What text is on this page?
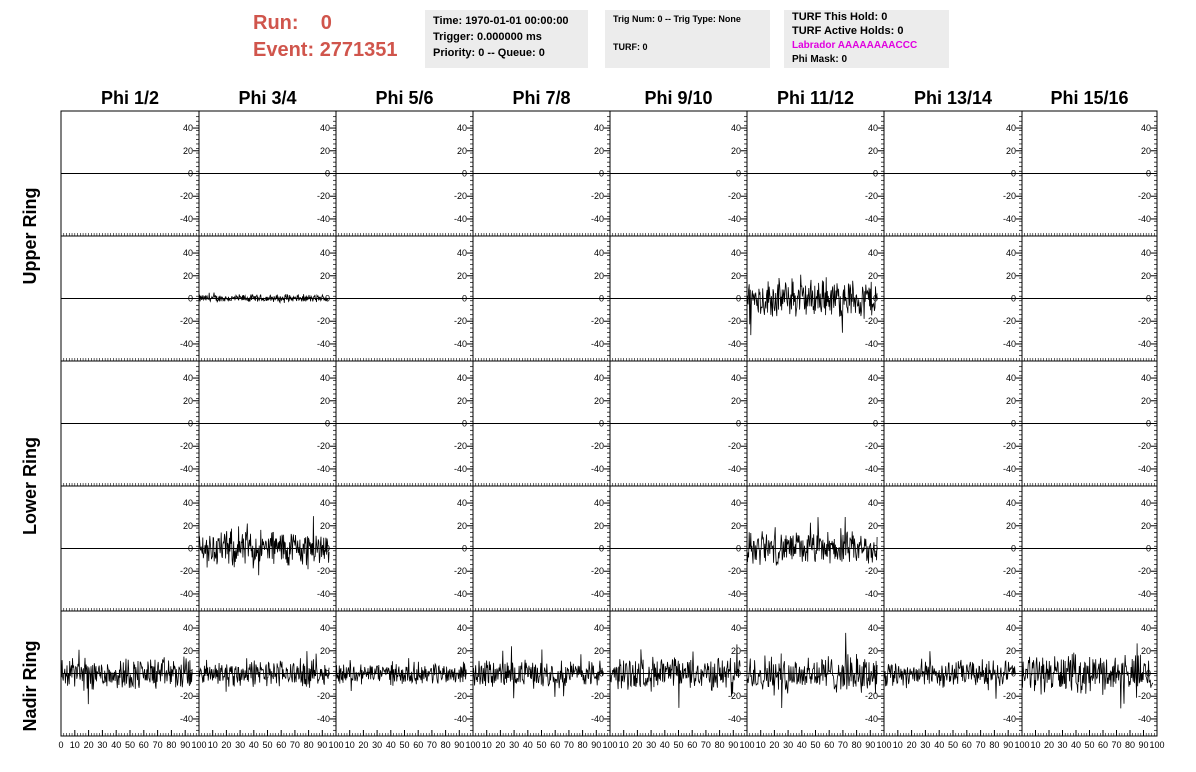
Run: 0
Event: 2771351
Time: 1970-01-01 00:00:00
Trigger: 0.000000 ms
Priority: 0 -- Queue: 0
Trig Num: 0 -- Trig Type: None
TURF: 0
TURF This Hold: 0
TURF Active Holds: 0
Labrador AAAAAAAACCC
Phi Mask: 0
Phi 1/2	Phi 3/4	Phi 5/6	Phi 7/8	Phi 9/10	Phi 11/12	Phi 13/14	Phi 15/16
Upper Ring
Lower Ring
Nadir Ring
40
20
0
-20
-40
40
20
0
-20
-40
40
20
0
-20
-40
40
20
0
-20
-40
40
20
0
-20
-40
40
20
0
-20
-40
40
20
0
-20
-40
40
20
0
-20
-40
40
20
0
-20
-40
40
20
0
-20
-40
40
20
0
-20
-40
40
20
0
-20
-40
40
20
0
-20
-40
40
20
0
-20
-40
40
20
0
-20
-40
40
20
0
-20
-40
40
20
0
-20
-40
40
20
0
-20
-40
40
20
0
-20
-40
40
20
0
-20
-40
40
20
0
-20
-40
40
20
0
-20
-40
40
20
0
-20
-40
40
20
0
-20
-40
40
20
0
-20
-40
40
20
0
-20
-40
40
20
0
-20
-40
40
20
0
-20
-40
40
20
0
-20
-40
40
20
0
-20
-40
40
20
0
-20
-40
40
20
0
-20
-40
40
20
0
-20
-40
40
20
0
-20
-40
40
20
0
-20
-40
40
20
0
-20
-40
40
20
0
-20
-40
40
20
0
-20
-40
40
20
0
-20
-40
40
20
0
-20
-40
0 10 20 30 40 50 60 70 80 90 100 10 20 30 40 50 60 70 80 90 100 10 20 30 40 50 60 70 80 90 100 10 20 30 40 50 60 70 80 90 100 10 20 30 40 50 60 70 80 90 100 10 20 30 40 50 60 70 80 90 100 10 20 30 40 50 60 70 80 90 100 10 20 30 40 50 60 70 80 90 100
